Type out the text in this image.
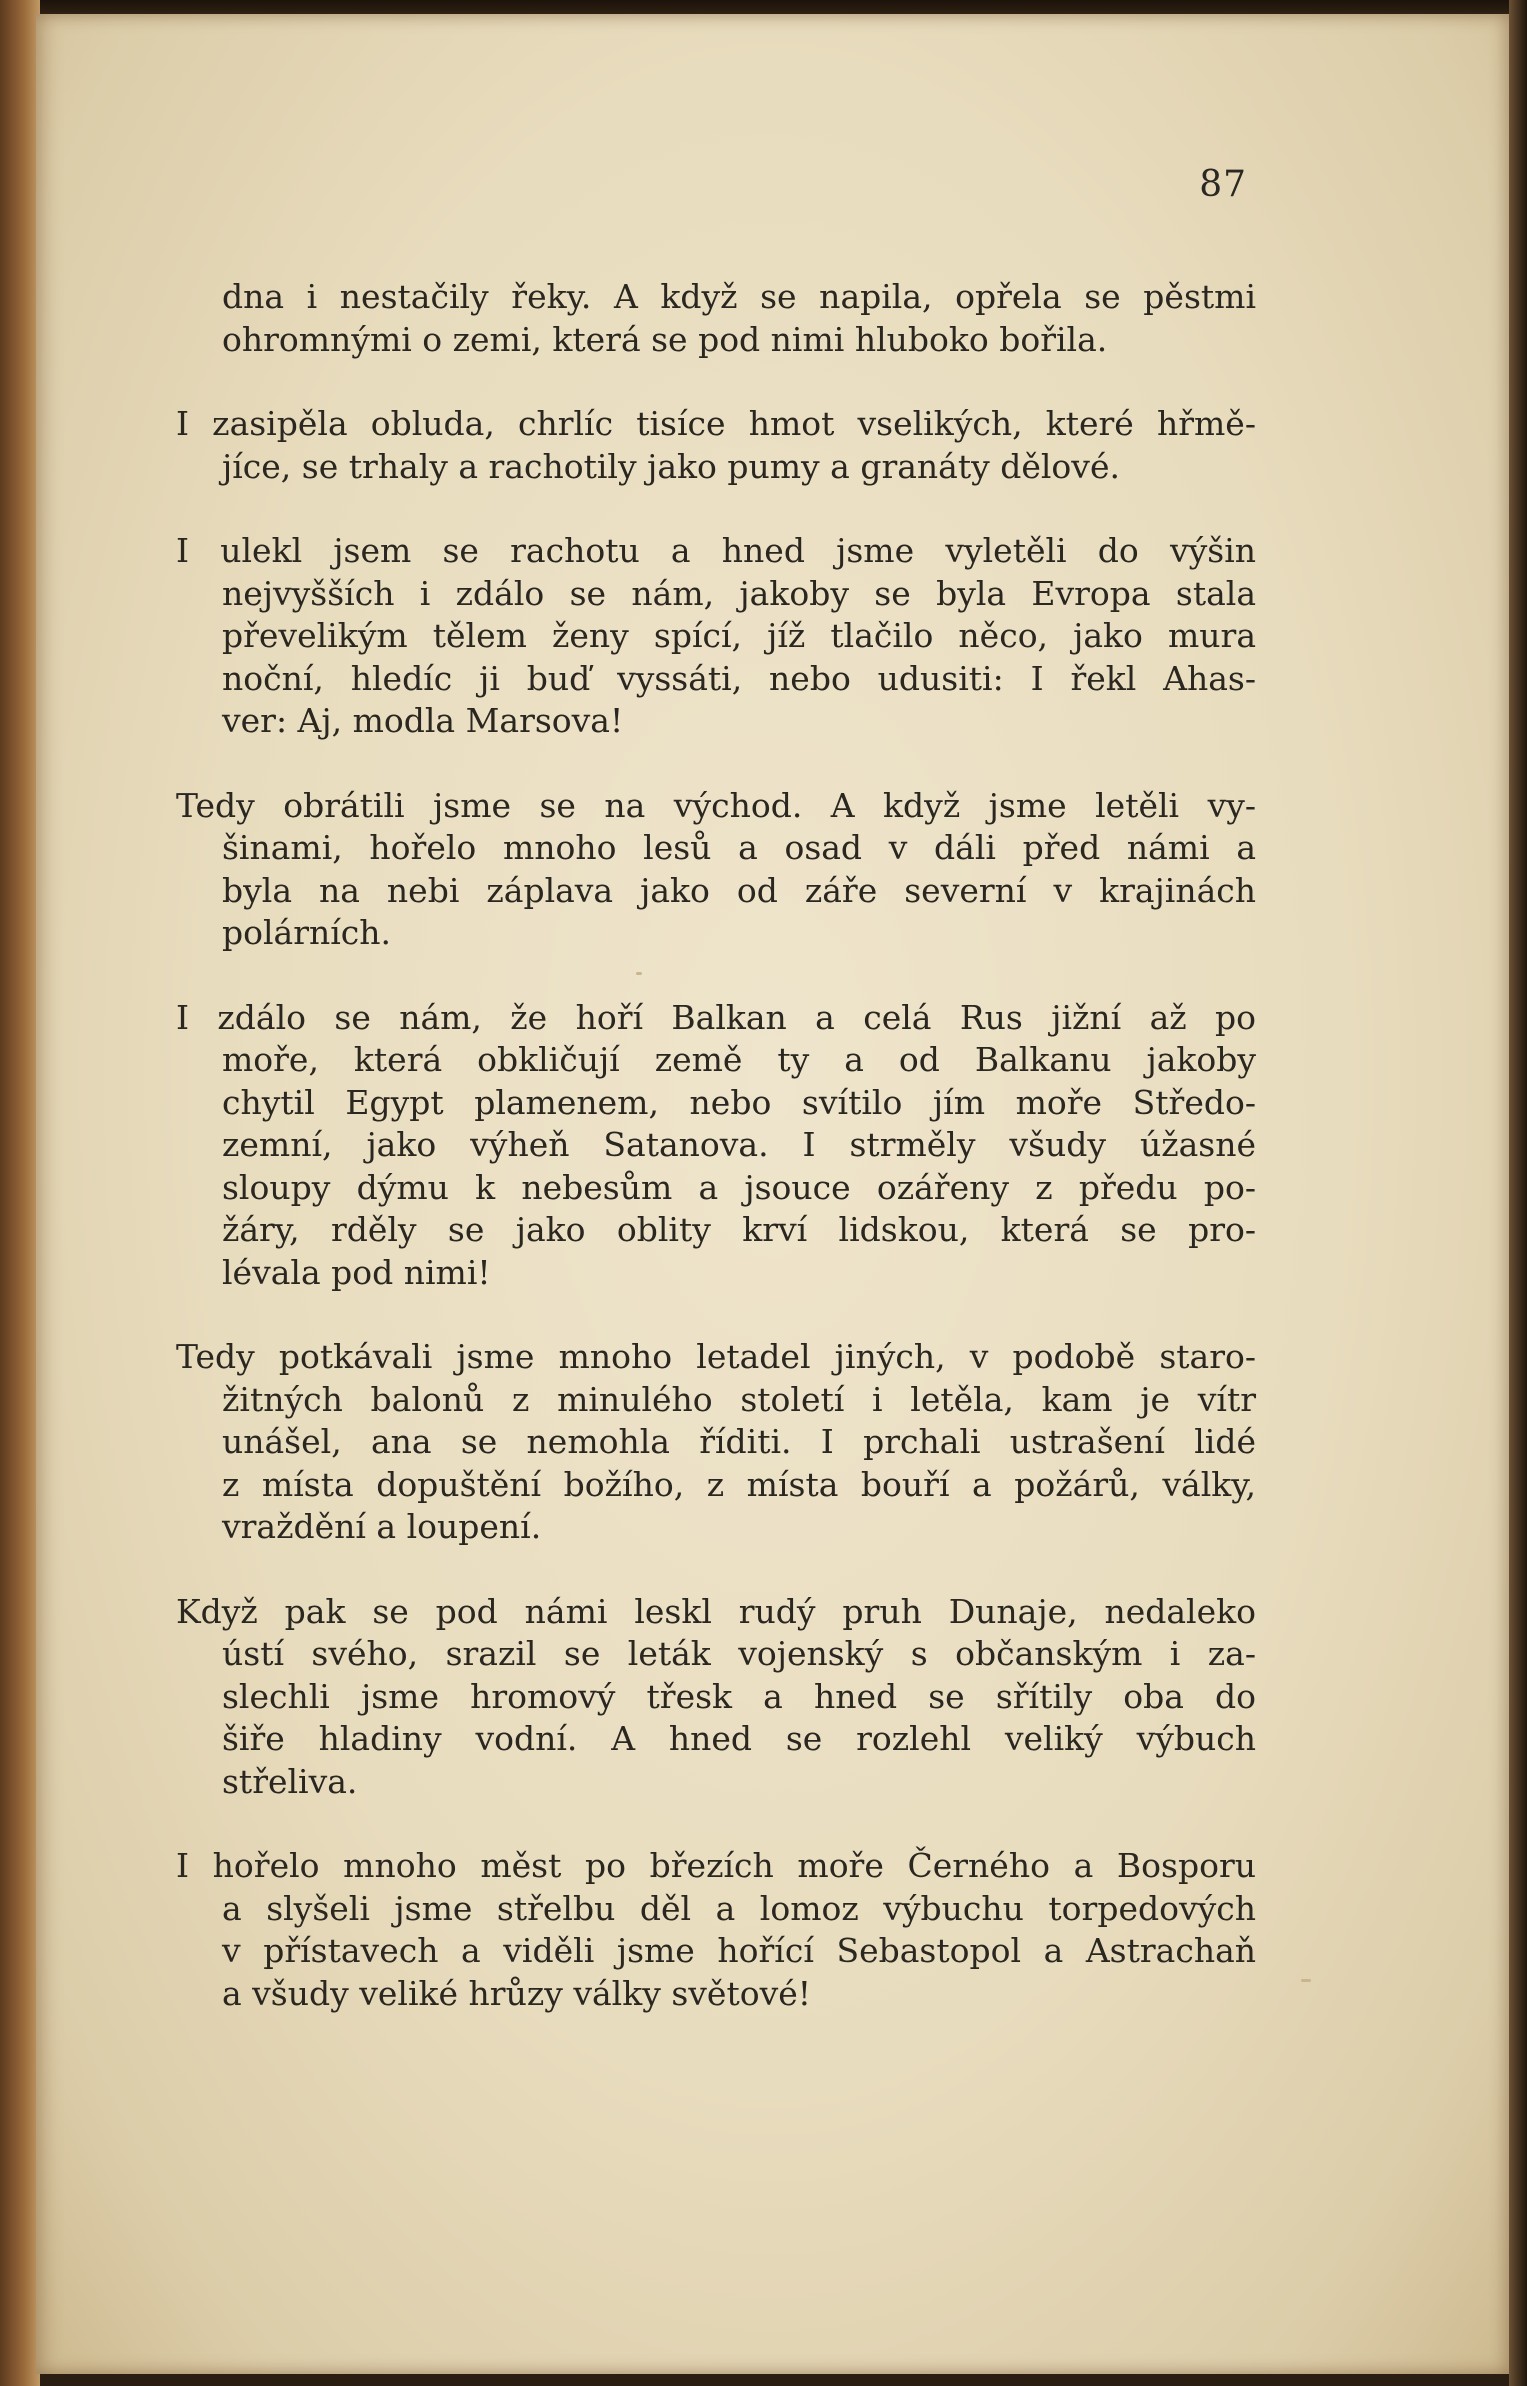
87
dna i nestačily řeky. A když se napila, opřela se pěstmi
ohromnými o zemi, která se pod nimi hluboko bořila.
I zasipěla obluda, chrlíc tisíce hmot vselikých, které hřmě-
jíce, se trhaly a rachotily jako pumy a granáty dělové.
I ulekl jsem se rachotu a hned jsme vyletěli do výšin
nejvyšších i zdálo se nám, jakoby se byla Evropa stala
převelikým tělem ženy spící, jíž tlačilo něco, jako mura
noční, hledíc ji buď vyssáti, nebo udusiti: I řekl Ahas-
ver: Aj, modla Marsova!
Tedy obrátili jsme se na východ. A když jsme letěli vy-
šinami, hořelo mnoho lesů a osad v dáli před námi a
byla na nebi záplava jako od záře severní v krajinách
polárních.
I zdálo se nám, že hoří Balkan a celá Rus jižní až po
moře, která obkličují země ty a od Balkanu jakoby
chytil Egypt plamenem, nebo svítilo jím moře Středo-
zemní, jako výheň Satanova. I strměly všudy úžasné
sloupy dýmu k nebesům a jsouce ozářeny z předu po-
žáry, rděly se jako oblity krví lidskou, která se pro-
lévala pod nimi!
Tedy potkávali jsme mnoho letadel jiných, v podobě staro-
žitných balonů z minulého století i letěla, kam je vítr
unášel, ana se nemohla říditi. I prchali ustrašení lidé
z místa dopuštění božího, z místa bouří a požárů, války,
vraždění a loupení.
Když pak se pod námi leskl rudý pruh Dunaje, nedaleko
ústí svého, srazil se leták vojenský s občanským i za-
slechli jsme hromový třesk a hned se sřítily oba do
šiře hladiny vodní. A hned se rozlehl veliký výbuch
střeliva.
I hořelo mnoho měst po březích moře Černého a Bosporu
a slyšeli jsme střelbu děl a lomoz výbuchu torpedových
v přístavech a viděli jsme hořící Sebastopol a Astrachaň
a všudy veliké hrůzy války světové!
